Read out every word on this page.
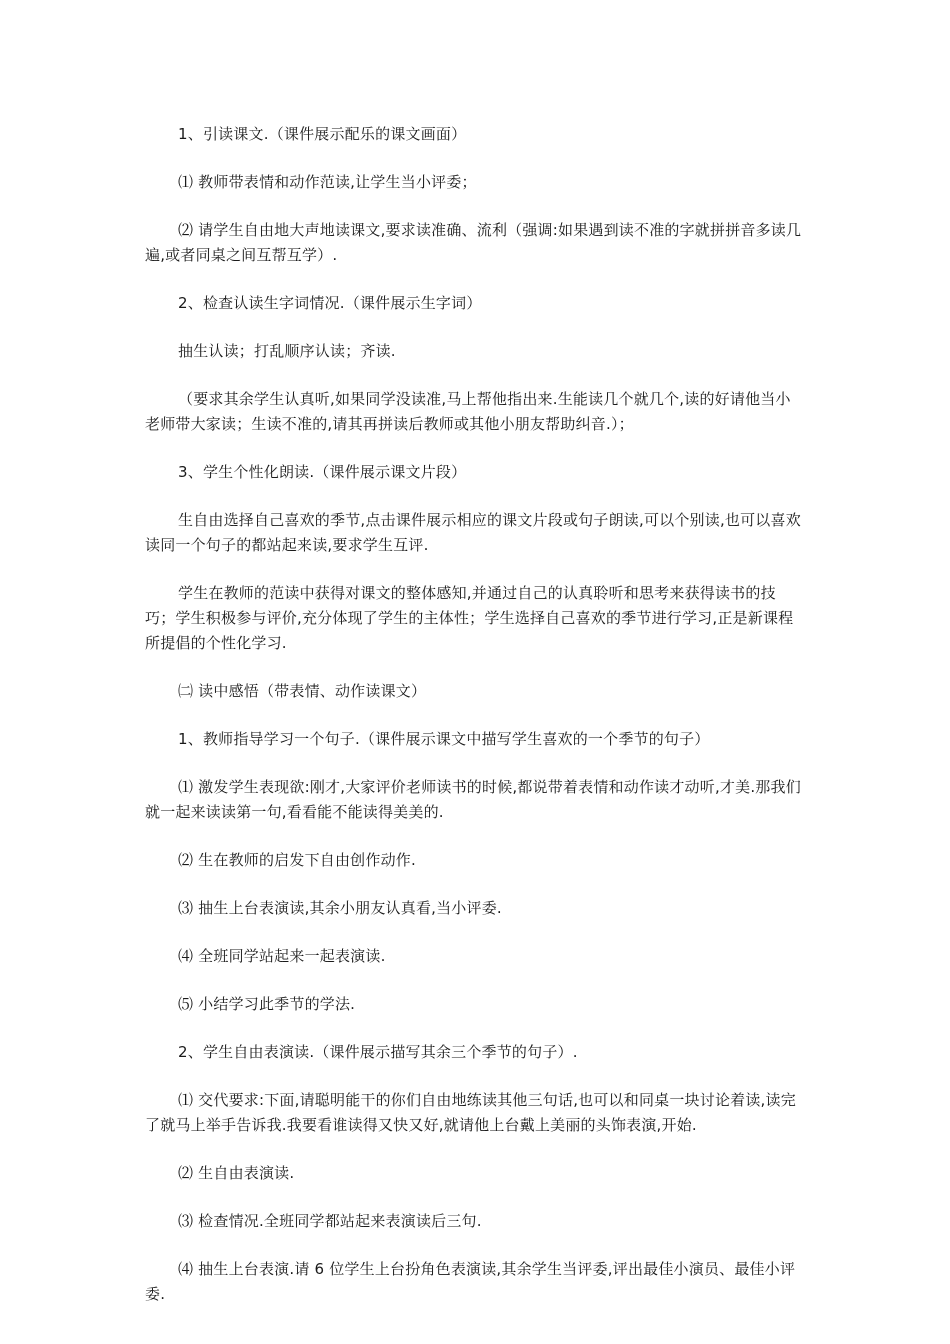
1、引读课文.（课件展示配乐的课文画面）

⑴ 教师带表情和动作范读,让学生当小评委；

⑵ 请学生自由地大声地读课文,要求读准确、流利（强调:如果遇到读不准的字就拼拼音多读几遍,或者同桌之间互帮互学）.

2、检查认读生字词情况.（课件展示生字词）

抽生认读；打乱顺序认读；齐读.

（要求其余学生认真听,如果同学没读准,马上帮他指出来.生能读几个就几个,读的好请他当小老师带大家读；生读不准的,请其再拼读后教师或其他小朋友帮助纠音.）；

3、学生个性化朗读.（课件展示课文片段）

生自由选择自己喜欢的季节,点击课件展示相应的课文片段或句子朗读,可以个别读,也可以喜欢读同一个句子的都站起来读,要求学生互评.

学生在教师的范读中获得对课文的整体感知,并通过自己的认真聆听和思考来获得读书的技巧；学生积极参与评价,充分体现了学生的主体性；学生选择自己喜欢的季节进行学习,正是新课程所提倡的个性化学习.

㈡ 读中感悟（带表情、动作读课文）

1、教师指导学习一个句子.（课件展示课文中描写学生喜欢的一个季节的句子）

⑴ 激发学生表现欲:刚才,大家评价老师读书的时候,都说带着表情和动作读才动听,才美.那我们就一起来读读第一句,看看能不能读得美美的.

⑵ 生在教师的启发下自由创作动作.

⑶ 抽生上台表演读,其余小朋友认真看,当小评委.

⑷ 全班同学站起来一起表演读.

⑸ 小结学习此季节的学法.

2、学生自由表演读.（课件展示描写其余三个季节的句子）.

⑴ 交代要求:下面,请聪明能干的你们自由地练读其他三句话,也可以和同桌一块讨论着读,读完了就马上举手告诉我.我要看谁读得又快又好,就请他上台戴上美丽的头饰表演,开始.

⑵ 生自由表演读.

⑶ 检查情况.全班同学都站起来表演读后三句.

⑷ 抽生上台表演.请 6 位学生上台扮角色表演读,其余学生当评委,评出最佳小演员、最佳小评委.
